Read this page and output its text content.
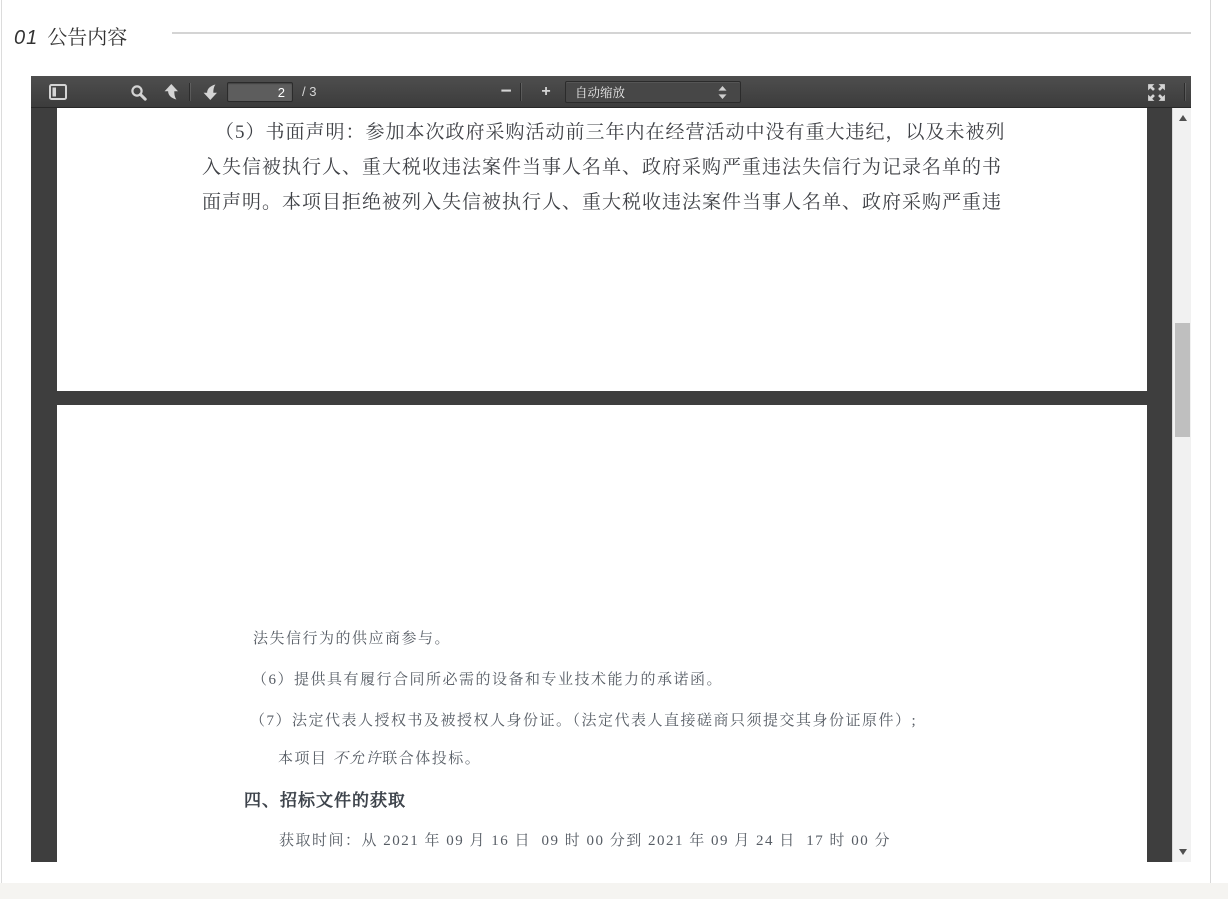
01 公告内容
2
/ 3	− + 自动缩放
（5）书面声明：参加本次政府采购活动前三年内在经营活动中没有重大违纪，以及未被列
入失信被执行人、重大税收违法案件当事人名单、政府采购严重违法失信行为记录名单的书
面声明。本项目拒绝被列入失信被执行人、重大税收违法案件当事人名单、政府采购严重违
法失信行为的供应商参与。
（6）提供具有履行合同所必需的设备和专业技术能力的承诺函。
（7）法定代表人授权书及被授权人身份证。（法定代表人直接磋商只须提交其身份证原件）;
本项目 不允许联合体投标。
四、招标文件的获取
获取时间：从 2021 年 09 月 16 日  09 时 00 分到 2021 年 09 月 24 日  17 时 00 分
